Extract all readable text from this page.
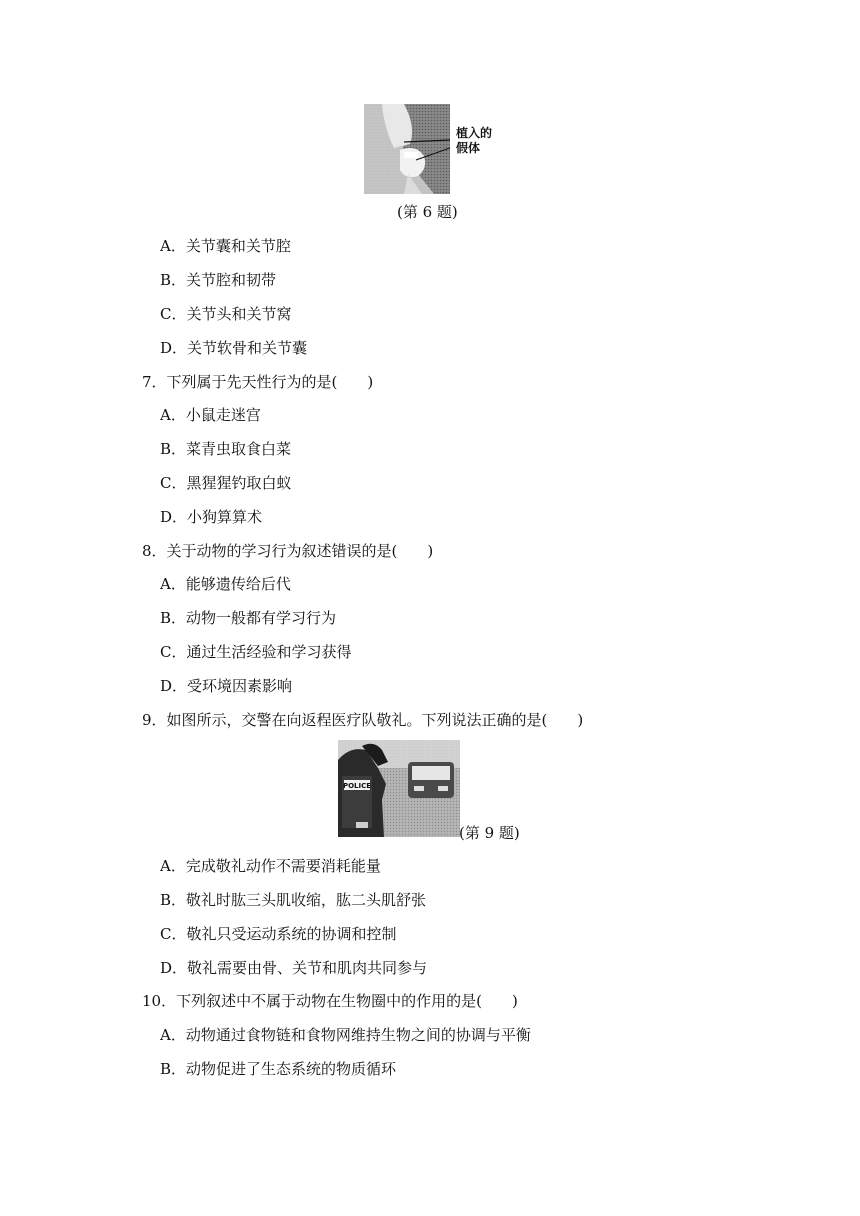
植入的
假体
(第 6 题)
A．关节囊和关节腔
B．关节腔和韧带
C．关节头和关节窝
D．关节软骨和关节囊
7．下列属于先天性行为的是(　　)
A．小鼠走迷宫
B．菜青虫取食白菜
C．黑猩猩钓取白蚁
D．小狗算算术
8．关于动物的学习行为叙述错误的是(　　)
A．能够遗传给后代
B．动物一般都有学习行为
C．通过生活经验和学习获得
D．受环境因素影响
9．如图所示，交警在向返程医疗队敬礼。下列说法正确的是(　　)
POLICE
(第 9 题)
A．完成敬礼动作不需要消耗能量
B．敬礼时肱三头肌收缩，肱二头肌舒张
C．敬礼只受运动系统的协调和控制
D．敬礼需要由骨、关节和肌肉共同参与
10．下列叙述中不属于动物在生物圈中的作用的是(　　)
A．动物通过食物链和食物网维持生物之间的协调与平衡
B．动物促进了生态系统的物质循环
